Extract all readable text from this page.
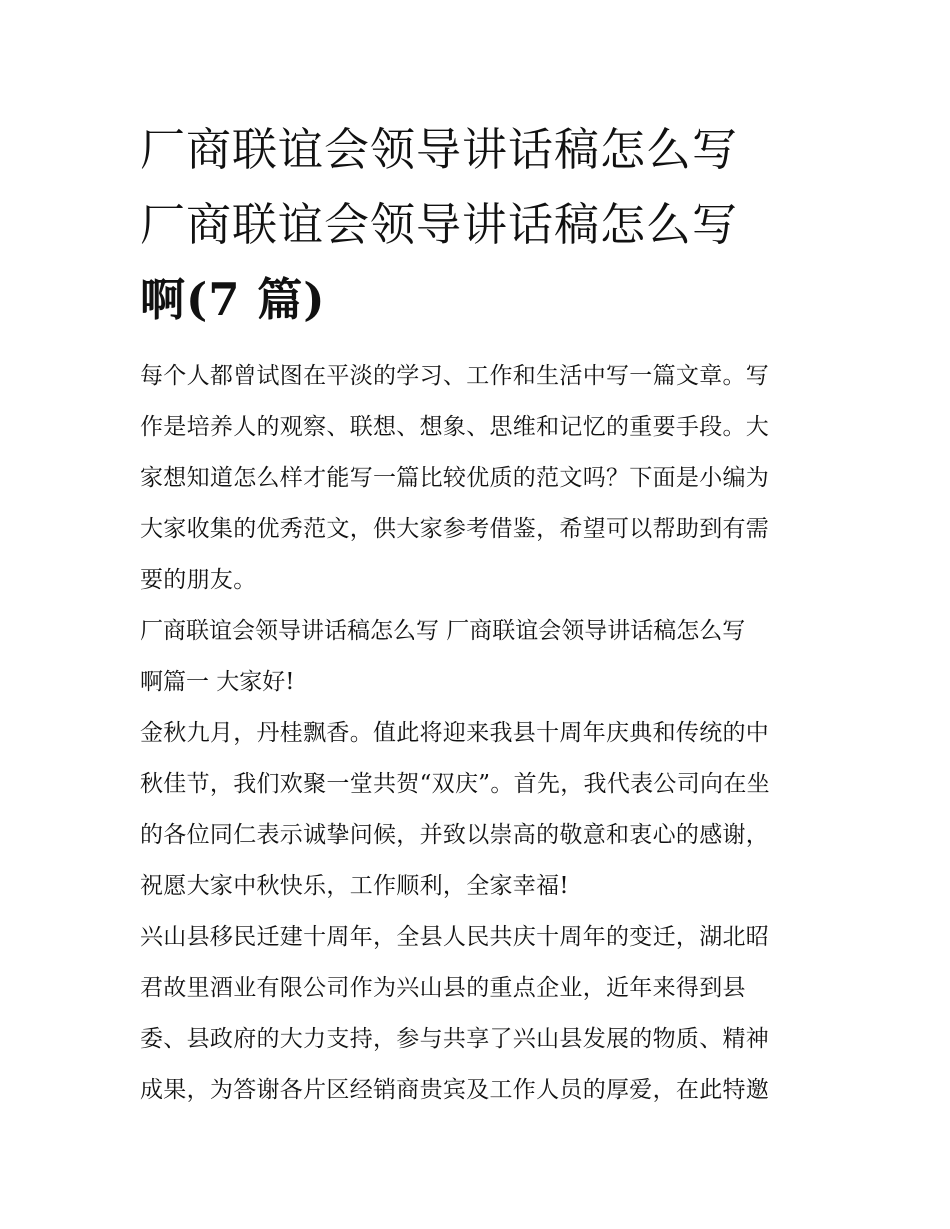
厂商联谊会领导讲话稿怎么写
厂商联谊会领导讲话稿怎么写
啊(7 篇)

每个人都曾试图在平淡的学习、工作和生活中写一篇文章。写

作是培养人的观察、联想、想象、思维和记忆的重要手段。大

家想知道怎么样才能写一篇比较优质的范文吗？下面是小编为

大家收集的优秀范文，供大家参考借鉴，希望可以帮助到有需

要的朋友。

厂商联谊会领导讲话稿怎么写 厂商联谊会领导讲话稿怎么写

啊篇一 大家好!

金秋九月，丹桂飘香。值此将迎来我县十周年庆典和传统的中

秋佳节，我们欢聚一堂共贺“双庆”。首先，我代表公司向在坐

的各位同仁表示诚挚问候，并致以崇高的敬意和衷心的感谢，

祝愿大家中秋快乐，工作顺利，全家幸福!

兴山县移民迁建十周年，全县人民共庆十周年的变迁，湖北昭

君故里酒业有限公司作为兴山县的重点企业，近年来得到县

委、县政府的大力支持，参与共享了兴山县发展的物质、精神

成果，为答谢各片区经销商贵宾及工作人员的厚爱，在此特邀
